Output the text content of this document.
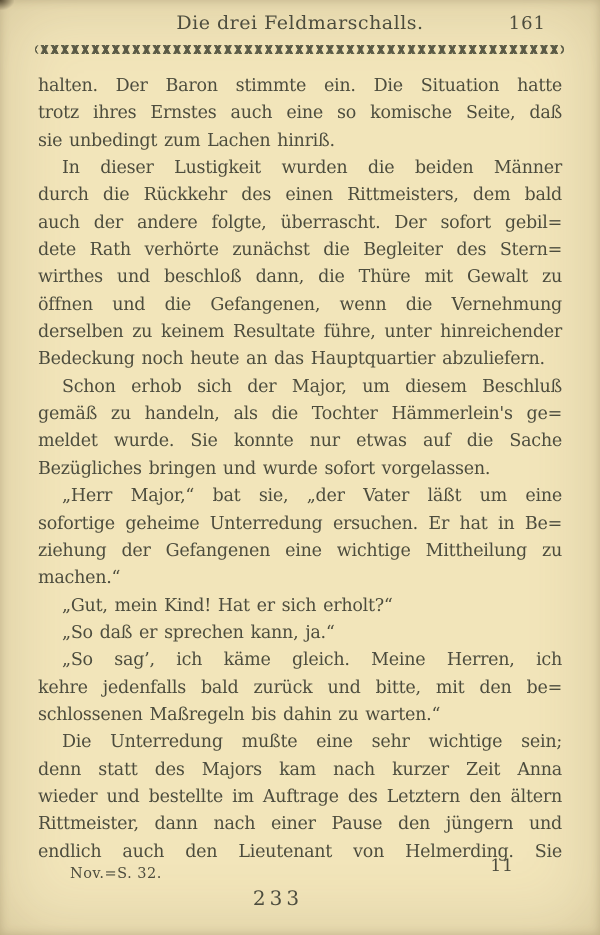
Die drei Feldmarschalls.	161
halten. Der Baron stimmte ein. Die Situation hatte
trotz ihres Ernstes auch eine so komische Seite, daß
sie unbedingt zum Lachen hinriß.
In dieser Lustigkeit wurden die beiden Männer
durch die Rückkehr des einen Rittmeisters, dem bald
auch der andere folgte, überrascht. Der sofort gebil=
dete Rath verhörte zunächst die Begleiter des Stern=
wirthes und beschloß dann, die Thüre mit Gewalt zu
öffnen und die Gefangenen, wenn die Vernehmung
derselben zu keinem Resultate führe, unter hinreichender
Bedeckung noch heute an das Hauptquartier abzuliefern.
Schon erhob sich der Major, um diesem Beschluß
gemäß zu handeln, als die Tochter Hämmerlein's ge=
meldet wurde. Sie konnte nur etwas auf die Sache
Bezügliches bringen und wurde sofort vorgelassen.
„Herr Major,“ bat sie, „der Vater läßt um eine
sofortige geheime Unterredung ersuchen. Er hat in Be=
ziehung der Gefangenen eine wichtige Mittheilung zu
machen.“
„Gut, mein Kind! Hat er sich erholt?“
„So daß er sprechen kann, ja.“
„So sag’, ich käme gleich. Meine Herren, ich
kehre jedenfalls bald zurück und bitte, mit den be=
schlossenen Maßregeln bis dahin zu warten.“
Die Unterredung mußte eine sehr wichtige sein;
denn statt des Majors kam nach kurzer Zeit Anna
wieder und bestellte im Auftrage des Letztern den ältern
Rittmeister, dann nach einer Pause den jüngern und
endlich auch den Lieutenant von Helmerding. Sie
Nov.=S. 32.	11
233
